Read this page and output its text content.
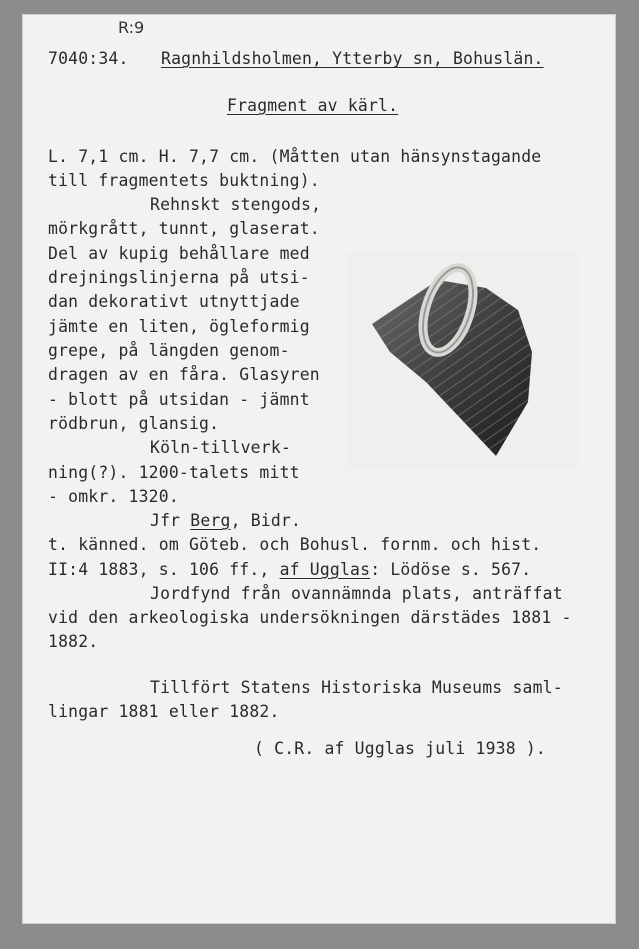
R:9
7040:34. Ragnhildsholmen, Ytterby sn, Bohuslän.
Fragment av kärl.
L. 7,1 cm. H. 7,7 cm. (Måtten utan hänsynstagande
till fragmentets buktning).
Rehnskt stengods,
mörkgrått, tunnt, glaserat.
Del av kupig behållare med
drejningslinjerna på utsi-
dan dekorativt utnyttjade
jämte en liten, ögleformig
grepe, på längden genom-
dragen av en fåra. Glasyren
- blott på utsidan - jämnt
rödbrun, glansig.
Köln-tillverk-
ning(?). 1200-talets mitt
- omkr. 1320.
Jfr Berg, Bidr.
t. känned. om Göteb. och Bohusl. fornm. och hist.
II:4 1883, s. 106 ff., af Ugglas: Lödöse s. 567.
Jordfynd från ovannämnda plats, anträffat
vid den arkeologiska undersökningen därstädes 1881 -
1882.
Tillfört Statens Historiska Museums saml-
lingar 1881 eller 1882.
( C.R. af Ugglas juli 1938 ).
